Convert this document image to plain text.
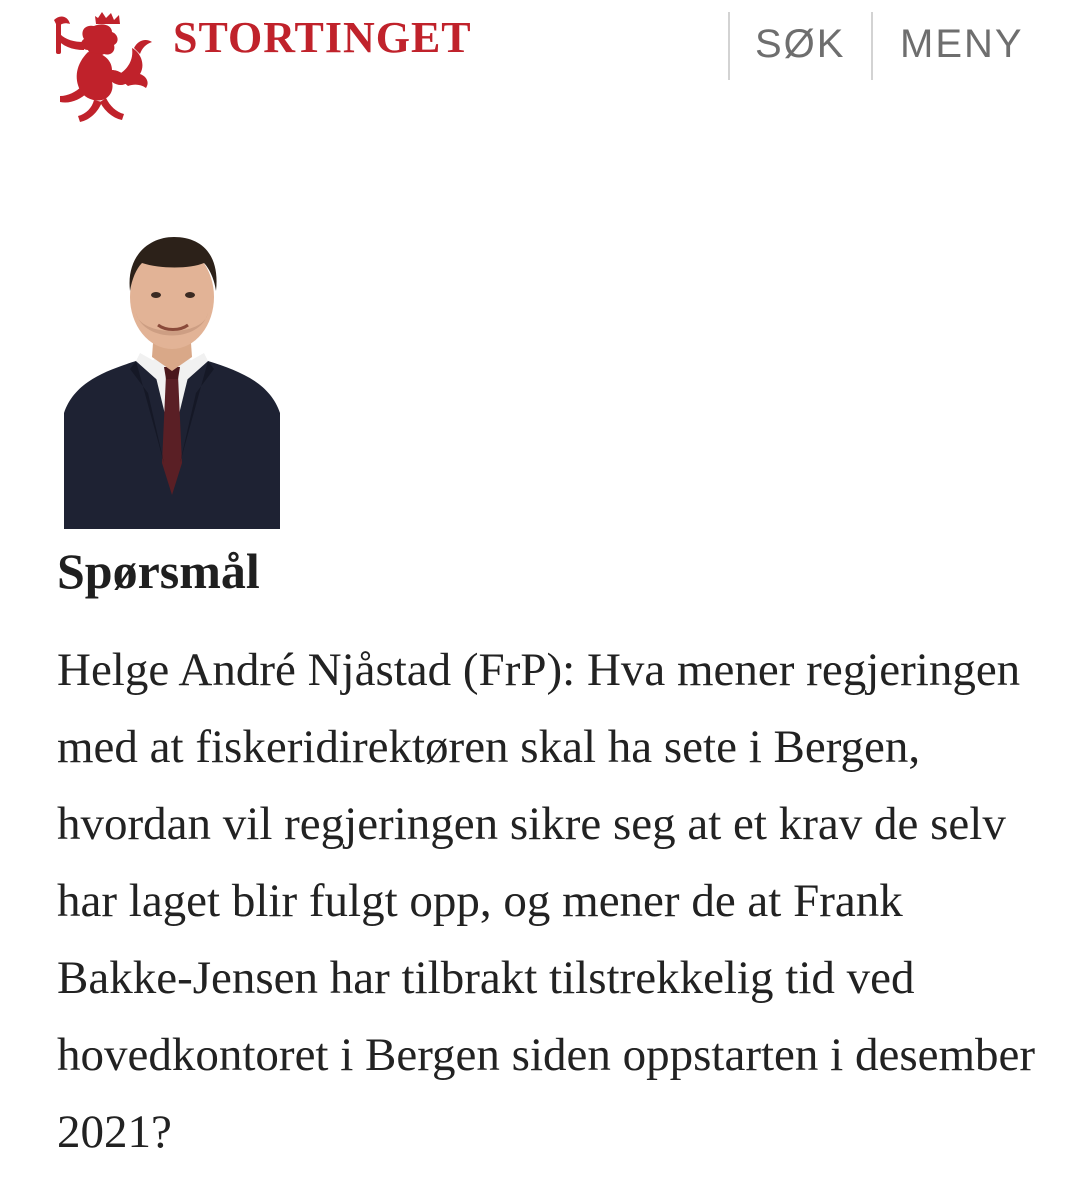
STORTINGET	SØK MENY
Spørsmål

Helge André Njåstad (FrP): Hva mener regjeringen med at fiskeridirektøren skal ha sete i Bergen, hvordan vil regjeringen sikre seg at et krav de selv har laget blir fulgt opp, og mener de at Frank Bakke-Jensen har tilbrakt tilstrekkelig tid ved hovedkontoret i Bergen siden oppstarten i desember 2021?
